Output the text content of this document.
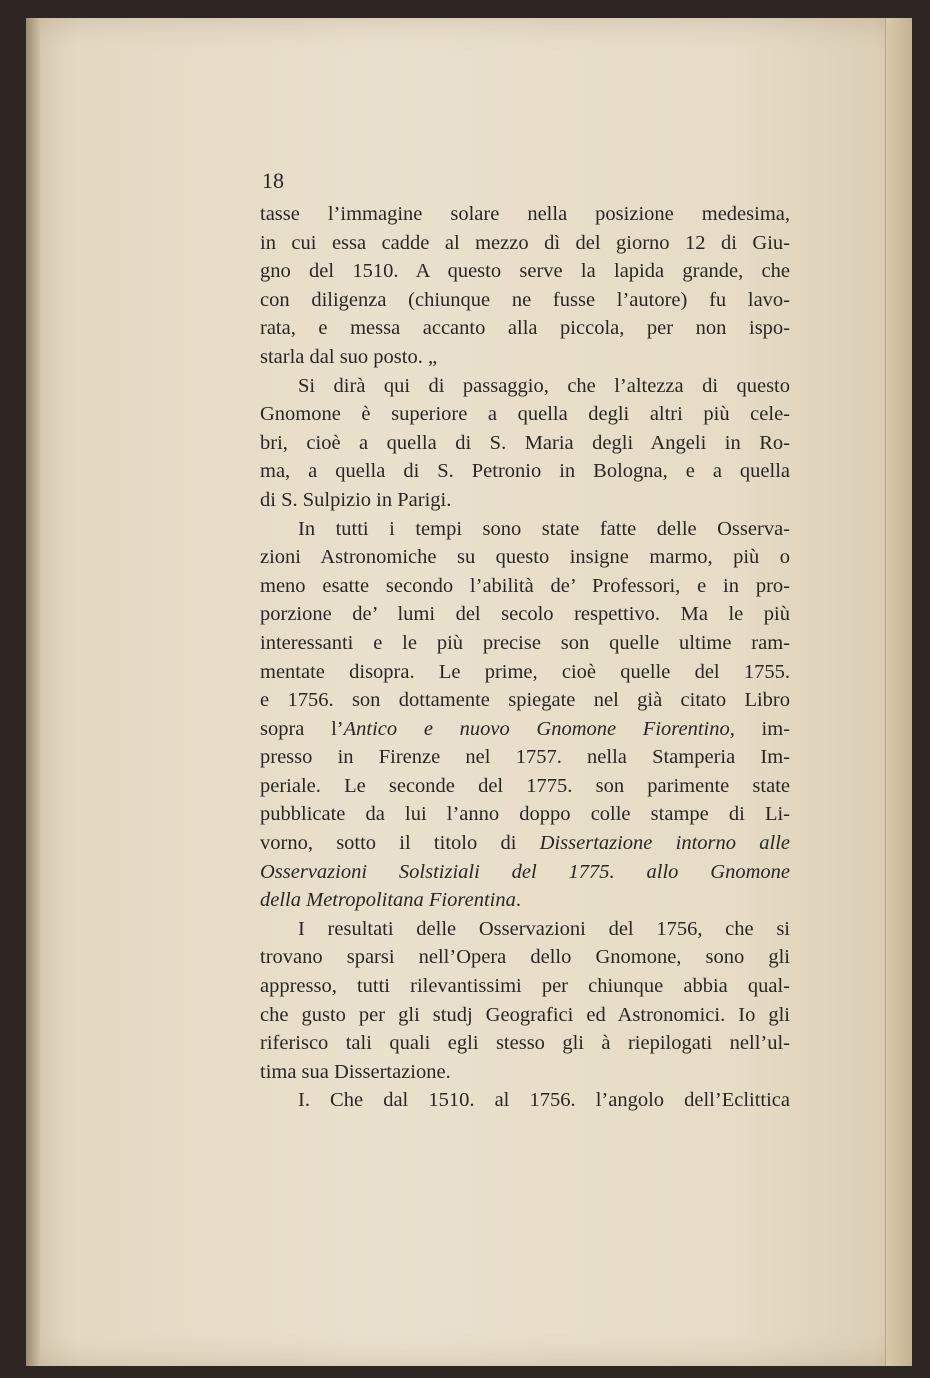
18
tasse l’immagine solare nella posizione medesima,
in cui essa cadde al mezzo dì del giorno 12 di Giu-
gno del 1510. A questo serve la lapida grande, che
con diligenza (chiunque ne fusse l’autore) fu lavo-
rata, e messa accanto alla piccola, per non ispo-
starla dal suo posto. „
Si dirà qui di passaggio, che l’altezza di questo
Gnomone è superiore a quella degli altri più cele-
bri, cioè a quella di S. Maria degli Angeli in Ro-
ma, a quella di S. Petronio in Bologna, e a quella
di S. Sulpizio in Parigi.
In tutti i tempi sono state fatte delle Osserva-
zioni Astronomiche su questo insigne marmo, più o
meno esatte secondo l’abilità de’ Professori, e in pro-
porzione de’ lumi del secolo respettivo. Ma le più
interessanti e le più precise son quelle ultime ram-
mentate disopra. Le prime, cioè quelle del 1755.
e 1756. son dottamente spiegate nel già citato Libro
sopra l’Antico e nuovo Gnomone Fiorentino, im-
presso in Firenze nel 1757. nella Stamperia Im-
periale. Le seconde del 1775. son parimente state
pubblicate da lui l’anno doppo colle stampe di Li-
vorno, sotto il titolo di Dissertazione intorno alle
Osservazioni Solstiziali del 1775. allo Gnomone
della Metropolitana Fiorentina.
I resultati delle Osservazioni del 1756, che si
trovano sparsi nell’Opera dello Gnomone, sono gli
appresso, tutti rilevantissimi per chiunque abbia qual-
che gusto per gli studj Geografici ed Astronomici. Io gli
riferisco tali quali egli stesso gli à riepilogati nell’ul-
tima sua Dissertazione.
I. Che dal 1510. al 1756. l’angolo dell’Eclittica
